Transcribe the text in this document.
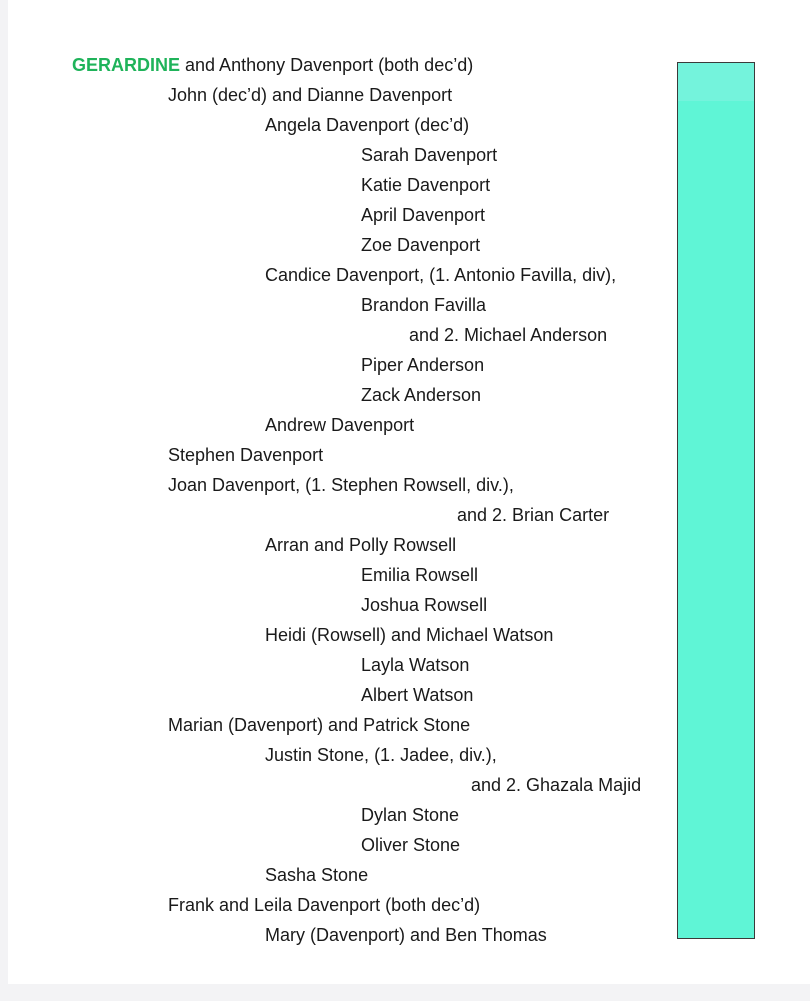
GERARDINE and Anthony Davenport (both dec’d)
John (dec’d) and Dianne Davenport
Angela Davenport (dec’d)
Sarah Davenport
Katie Davenport
April Davenport
Zoe Davenport
Candice Davenport, (1. Antonio Favilla, div),
Brandon Favilla
and 2. Michael Anderson
Piper Anderson
Zack Anderson
Andrew Davenport
Stephen Davenport
Joan Davenport, (1. Stephen Rowsell, div.),
and 2. Brian Carter
Arran and Polly Rowsell
Emilia Rowsell
Joshua Rowsell
Heidi (Rowsell) and Michael Watson
Layla Watson
Albert Watson
Marian (Davenport) and Patrick Stone
Justin Stone, (1. Jadee, div.),
and 2. Ghazala Majid
Dylan Stone
Oliver Stone
Sasha Stone
Frank and Leila Davenport (both dec’d)
Mary (Davenport) and Ben Thomas
